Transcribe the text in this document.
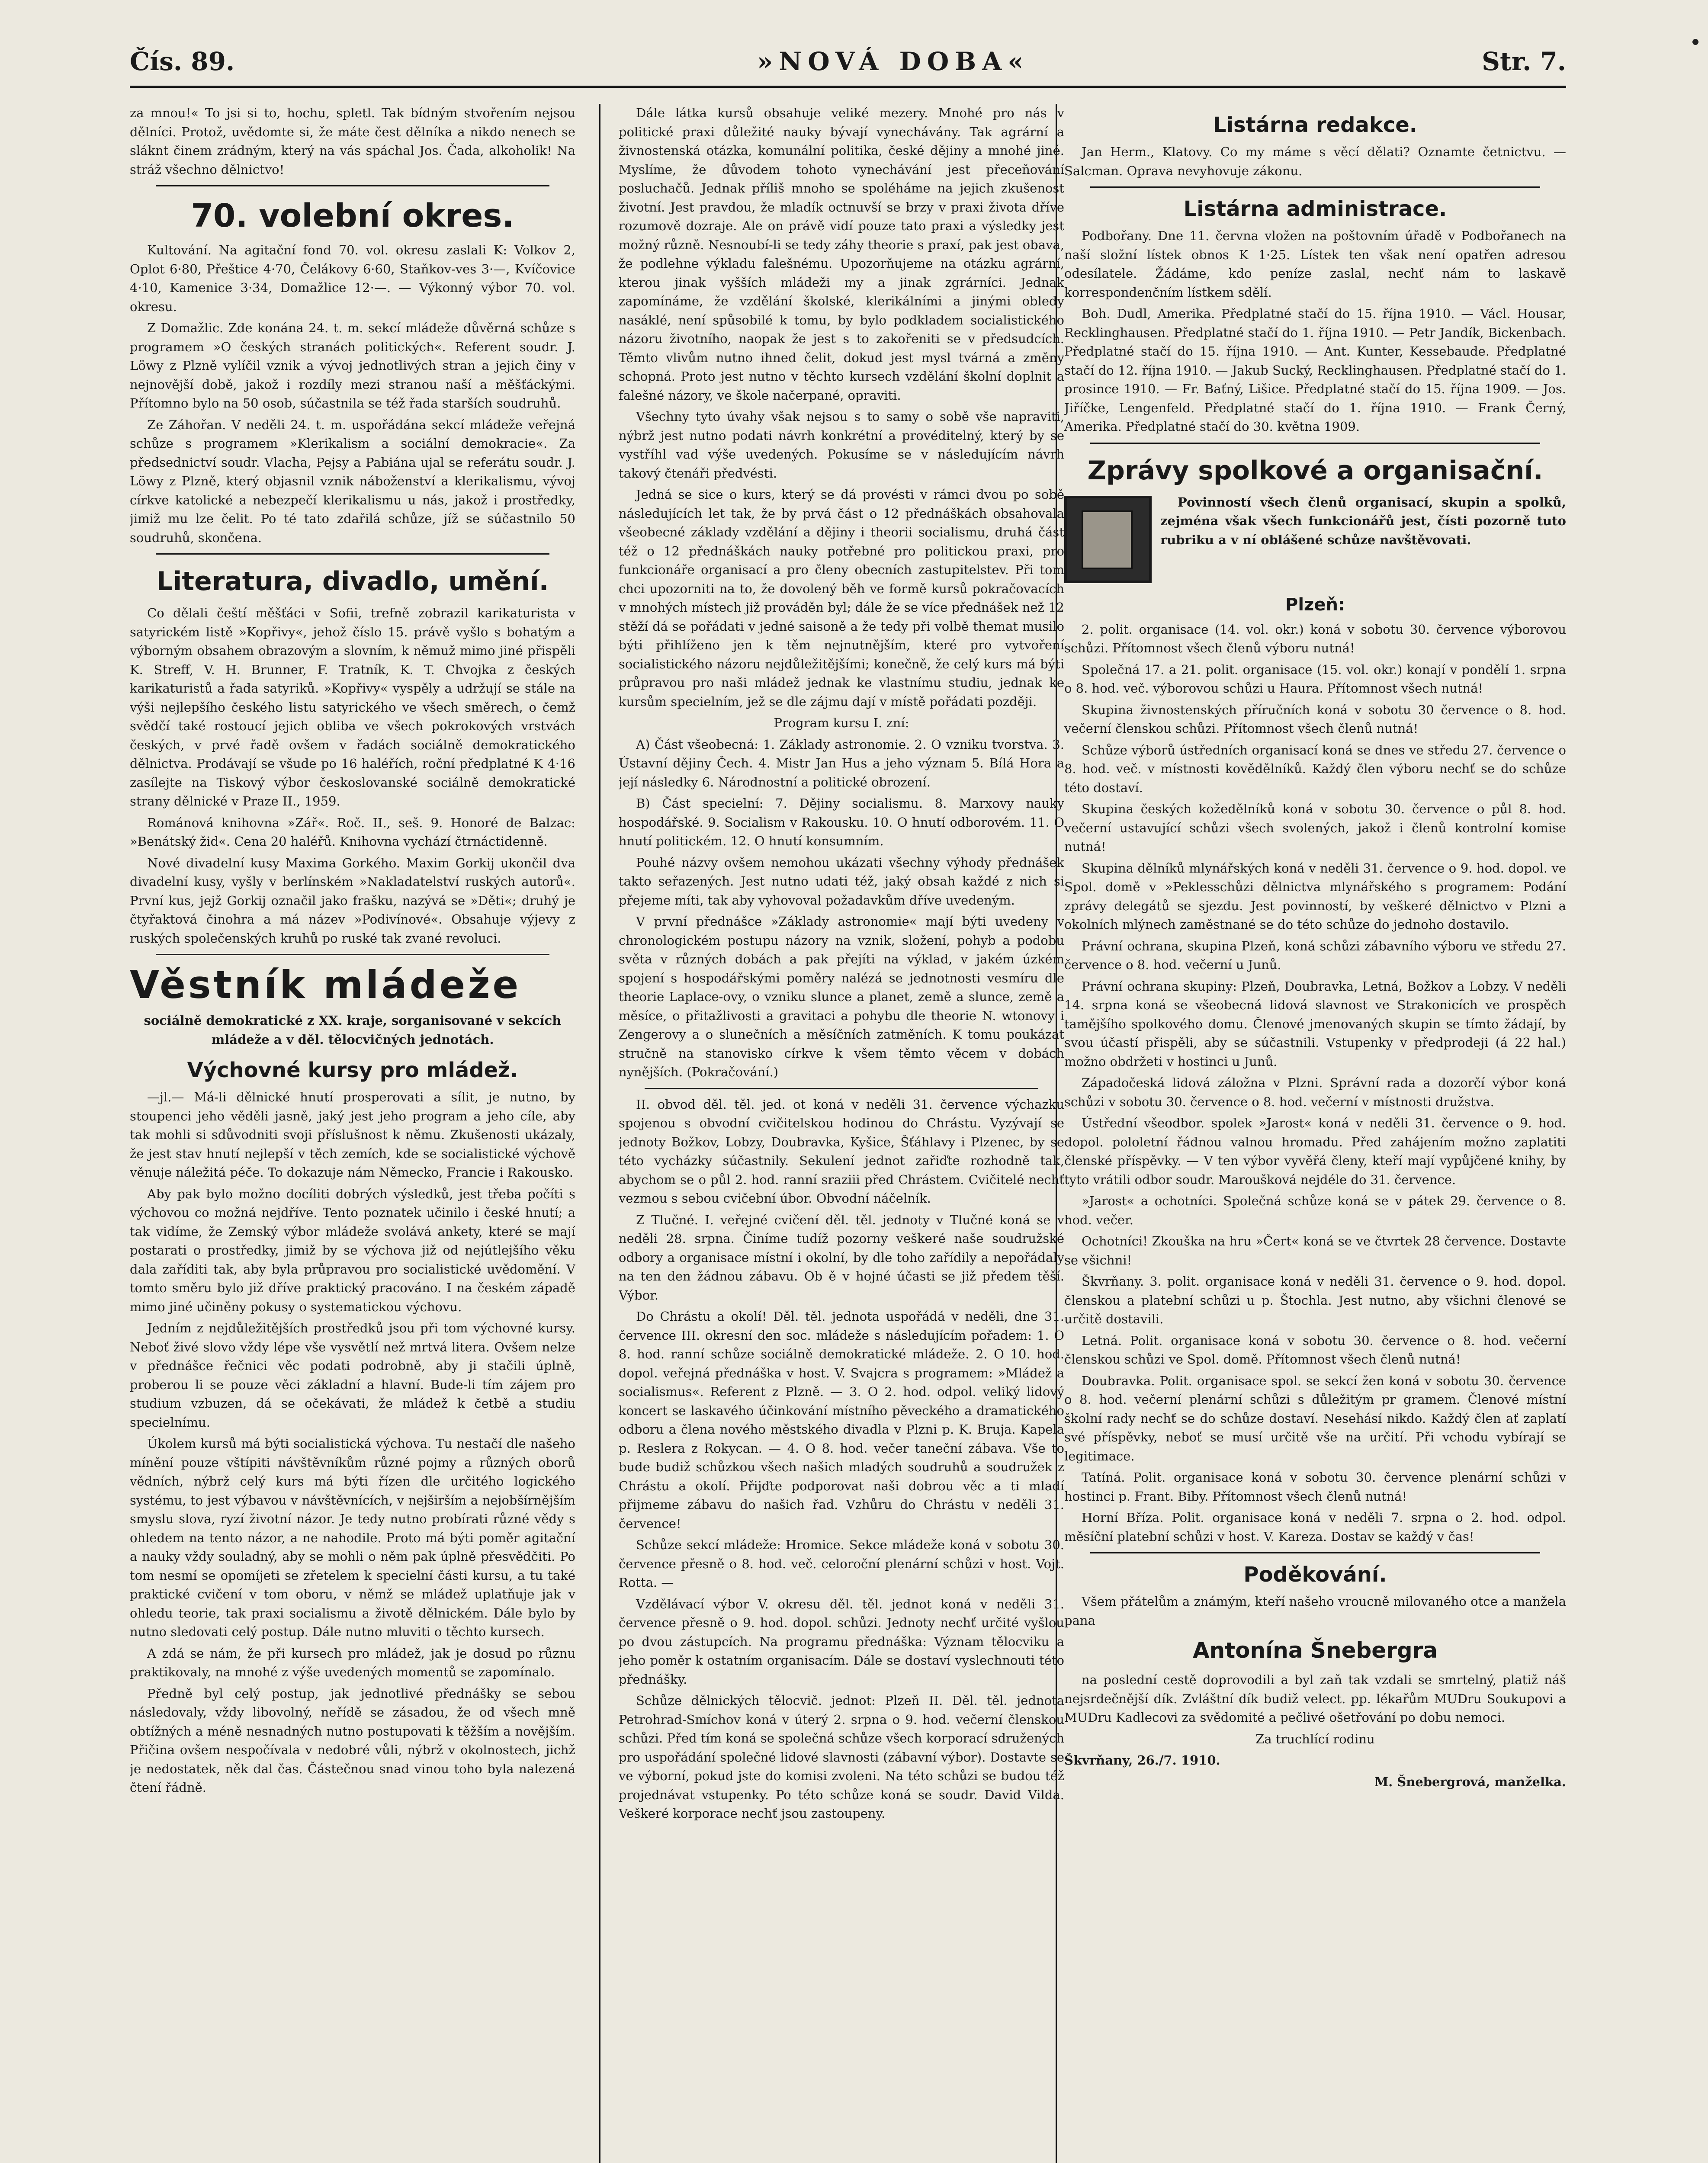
Čís. 89.	»NOVÁ DOBA«	Str. 7.

za mnou!« To jsi si to, hochu, spletl. Tak bídným stvořením nejsou dělníci. Protož, uvědomte si, že máte čest dělníka a nikdo nenech se sláknt činem zrádným, který na vás spáchal Jos. Čada, alkoholik! Na stráž všechno dělnictvo!

70. volební okres.

Kultování. Na agitační fond 70. vol. okresu zaslali K: Volkov 2, Oplot 6·80, Přeštice 4·70, Čelákovy 6·60, Staňkov-ves 3·—, Kvíčovice 4·10, Kamenice 3·34, Domažlice 12·—. — Výkonný výbor 70. vol. okresu.

Z Domažlic. Zde konána 24. t. m. sekcí mládeže důvěrná schůze s programem »O českých stranách politických«. Referent soudr. J. Löwy z Plzně vylíčil vznik a vývoj jednotlivých stran a jejich činy v nejnovější době, jakož i rozdíly mezi stranou naší a měšťáckými. Přítomno bylo na 50 osob, súčastnila se též řada starších soudruhů.

Ze Záhořan. V neděli 24. t. m. uspořádána sekcí mládeže veřejná schůze s programem »Klerikalism a sociální demokracie«. Za předsednictví soudr. Vlacha, Pejsy a Pabiána ujal se referátu soudr. J. Löwy z Plzně, který objasnil vznik náboženství a klerikalismu, vývoj církve katolické a nebezpečí klerikalismu u nás, jakož i prostředky, jimiž mu lze čelit. Po té tato zdařilá schůze, jíž se súčastnilo 50 soudruhů, skončena.

Literatura, divadlo, umění.

Co dělali čeští měšťáci v Sofii, trefně zobrazil karikaturista v satyrickém listě »Kopřivy«, jehož číslo 15. právě vyšlo s bohatým a výborným obsahem obrazovým a slovním, k němuž mimo jiné přispěli K. Streff, V. H. Brunner, F. Tratník, K. T. Chvojka z českých karikaturistů a řada satyriků. »Kopřivy« vyspěly a udržují se stále na výši nejlepšího českého listu satyrického ve všech směrech, o čemž svědčí také rostoucí jejich obliba ve všech pokrokových vrstvách českých, v prvé řadě ovšem v řadách sociálně demokratického dělnictva. Prodávají se všude po 16 haléřích, roční předplatné K 4·16 zasílejte na Tiskový výbor českoslovanské sociálně demokratické strany dělnické v Praze II., 1959.

Románová knihovna »Zář«. Roč. II., seš. 9. Honoré de Balzac: »Benátský žid«. Cena 20 haléřů. Knihovna vychází čtrnáctidenně.

Nové divadelní kusy Maxima Gorkého. Maxim Gorkij ukončil dva divadelní kusy, vyšly v berlínském »Nakladatelství ruských autorů«. První kus, jejž Gorkij označil jako frašku, nazývá se »Děti«; druhý je čtyřaktová činohra a má název »Podivínové«. Obsahuje výjevy z ruských společenských kruhů po ruské tak zvané revoluci.

Věstník mládeže

sociálně demokratické z XX. kraje, sorganisované v sekcích mládeže a v děl. tělocvičných jednotách.

Výchovné kursy pro mládež.

—jl.— Má-li dělnické hnutí prosperovati a sílit, je nutno, by stoupenci jeho věděli jasně, jaký jest jeho program a jeho cíle, aby tak mohli si sdůvodniti svoji příslušnost k němu. Zkušenosti ukázaly, že jest stav hnutí nejlepší v těch zemích, kde se socialistické výchově věnuje náležitá péče. To dokazuje nám Německo, Francie i Rakousko.

Aby pak bylo možno docíliti dobrých výsledků, jest třeba počíti s výchovou co možná nejdříve. Tento poznatek učinilo i české hnutí; a tak vidíme, že Zemský výbor mládeže svolává ankety, které se mají postarati o prostředky, jimiž by se výchova již od nejútlejšího věku dala zaříditi tak, aby byla průpravou pro socialistické uvědomění. V tomto směru bylo již dříve praktický pracováno. I na českém západě mimo jiné učiněny pokusy o systematickou výchovu.

Jedním z nejdůležitějších prostředků jsou při tom výchovné kursy. Neboť živé slovo vždy lépe vše vysvětlí než mrtvá litera. Ovšem nelze v přednášce řečnici věc podati podrobně, aby ji stačili úplně, proberou li se pouze věci základní a hlavní. Bude-li tím zájem pro studium vzbuzen, dá se očekávati, že mládež k četbě a studiu specielnímu.

Úkolem kursů má býti socialistická výchova. Tu nestačí dle našeho mínění pouze vštípiti návštěvníkům různé pojmy a různých oborů vědních, nýbrž celý kurs má býti řízen dle určitého logického systému, to jest výbavou v návštěvnících, v nejširším a nejobšírnějším smyslu slova, ryzí životní názor. Je tedy nutno probírati různé vědy s ohledem na tento názor, a ne nahodile. Proto má býti poměr agitační a nauky vždy souladný, aby se mohli o něm pak úplně přesvědčiti. Po tom nesmí se opomíjeti se zřetelem k specielní části kursu, a tu také praktické cvičení v tom oboru, v němž se mládež uplatňuje jak v ohledu teorie, tak praxi socialismu a životě dělnickém. Dále bylo by nutno sledovati celý postup. Dále nutno mluviti o těchto kursech.

A zdá se nám, že při kursech pro mládež, jak je dosud po různu praktikovaly, na mnohé z výše uvedených momentů se zapomínalo.

Předně byl celý postup, jak jednotlivé přednášky se sebou následovaly, vždy libovolný, neřídě se zásadou, že od všech mně obtížných a méně nesnadných nutno postupovati k těžším a novějším. Přičina ovšem nespočívala v nedobré vůli, nýbrž v okolnostech, jichž je nedostatek, něk dal čas. Částečnou snad vinou toho byla nalezená čtení řádně.

Dále látka kursů obsahuje veliké mezery. Mnohé pro nás v politické praxi důležité nauky bývají vynechávány. Tak agrární a živnostenská otázka, komunální politika, české dějiny a mnohé jiné. Myslíme, že důvodem tohoto vynechávání jest přeceňování posluchačů. Jednak příliš mnoho se spoléháme na jejich zkušenost životní. Jest pravdou, že mladík octnuvší se brzy v praxi života dříve rozumově dozraje. Ale on právě vidí pouze tato praxi a výsledky jest možný různě. Nesnoubí-li se tedy záhy theorie s praxí, pak jest obava, že podlehne výkladu falešnému. Upozorňujeme na otázku agrární, kterou jinak vyšších mládeži my a jinak zgrárníci. Jednak zapomínáme, že vzdělání školské, klerikálními a jinými obledy nasáklé, není spůsobilé k tomu, by bylo podkladem socialistického názoru životního, naopak že jest s to zakořeniti se v předsudcích. Těmto vlivům nutno ihned čelit, dokud jest mysl tvárná a změny schopná. Proto jest nutno v těchto kursech vzdělání školní doplnit a falešné názory, ve škole načerpané, opraviti.

Všechny tyto úvahy však nejsou s to samy o sobě vše napraviti, nýbrž jest nutno podati návrh konkrétní a provéditelný, který by se vystříhl vad výše uvedených. Pokusíme se v následujícím návrh takový čtenáři předvésti.

Jedná se sice o kurs, který se dá provésti v rámci dvou po sobě následujících let tak, že by prvá část o 12 přednáškách obsahovala všeobecné základy vzdělání a dějiny i theorii socialismu, druhá část též o 12 přednáškách nauky potřebné pro politickou praxi, pro funkcionáře organisací a pro členy obecních zastupitelstev. Při tom chci upozorniti na to, že dovolený běh ve formě kursů pokračovacích v mnohých místech již prováděn byl; dále že se více přednášek než 12 stěží dá se pořádati v jedné saisoně a že tedy při volbě themat musilo býti přihlíženo jen k těm nejnutnějším, které pro vytvoření socialistického názoru nejdůležitějšími; konečně, že celý kurs má býti průpravou pro naši mládež jednak ke vlastnímu studiu, jednak ke kursům specielním, jež se dle zájmu dají v místě pořádati později.

Program kursu I. zní:

A) Část všeobecná: 1. Základy astronomie. 2. O vzniku tvorstva. 3. Ústavní dějiny Čech. 4. Mistr Jan Hus a jeho význam 5. Bílá Hora a její následky 6. Národnostní a politické obrození.

B) Část specielní: 7. Dějiny socialismu. 8. Marxovy nauky hospodářské. 9. Socialism v Rakousku. 10. O hnutí odborovém. 11. O hnutí politickém. 12. O hnutí konsumním.

Pouhé názvy ovšem nemohou ukázati všechny výhody přednášek takto seřazených. Jest nutno udati též, jaký obsah každé z nich si přejeme míti, tak aby vyhovoval požadavkům dříve uvedeným.

V první přednášce »Základy astronomie« mají býti uvedeny v chronologickém postupu názory na vznik, složení, pohyb a podobu světa v různých dobách a pak přejíti na výklad, v jakém úzkém spojení s hospodářskými poměry nalézá se jednotnosti vesmíru dle theorie Laplace-ovy, o vzniku slunce a planet, země a slunce, země a měsíce, o přitažlivosti a gravitaci a pohybu dle theorie N. wtonovy i Zengerovy a o slunečních a měsíčních zatměních. K tomu poukázat stručně na stanovisko církve k všem těmto věcem v dobách nynějších. (Pokračování.)

II. obvod děl. těl. jed. ot koná v neděli 31. července výchazku spojenou s obvodní cvičitelskou hodinou do Chrástu. Vyzývají se jednoty Božkov, Lobzy, Doubravka, Kyšice, Šťáhlavy i Plzenec, by se této vycházky súčastnily. Sekulení jednot zařiďte rozhodně tak, abychom se o půl 2. hod. ranní sraziii před Chrástem. Cvičitelé nechť vezmou s sebou cvičební úbor. Obvodní náčelník.

Z Tlučné. I. veřejné cvičení děl. těl. jednoty v Tlučné koná se v neděli 28. srpna. Činíme tudíž pozorny veškeré naše soudružské odbory a organisace místní i okolní, by dle toho zařídily a nepořádaly na ten den žádnou zábavu. Ob ě v hojné účasti se již předem těší. Výbor.

Do Chrástu a okolí! Děl. těl. jednota uspořádá v neděli, dne 31. července III. okresní den soc. mládeže s následujícím pořadem: 1. O 8. hod. ranní schůze sociálně demokratické mládeže. 2. O 10. hod. dopol. veřejná přednáška v host. V. Svajcra s programem: »Mládež a socialismus«. Referent z Plzně. — 3. O 2. hod. odpol. veliký lidový koncert se laskavého účinkování místního pěveckého a dramatického odboru a člena nového městského divadla v Plzni p. K. Bruja. Kapela p. Reslera z Rokycan. — 4. O 8. hod. večer taneční zábava. Vše to bude budiž schůzkou všech našich mladých soudruhů a soudružek z Chrástu a okolí. Přijďte podporovat naši dobrou věc a ti mladí přijmeme zábavu do našich řad. Vzhůru do Chrástu v neděli 31. července!

Schůze sekcí mládeže: Hromice. Sekce mládeže koná v sobotu 30. července přesně o 8. hod. več. celoroční plenární schůzi v host. Vojt. Rotta. —

Vzdělávací výbor V. okresu děl. těl. jednot koná v neděli 31. července přesně o 9. hod. dopol. schůzi. Jednoty nechť určité vyšlou po dvou zástupcích. Na programu přednáška: Význam tělocviku a jeho poměr k ostatním organisacím. Dále se dostaví vyslechnouti této přednášky.

Schůze dělnických tělocvič. jednot: Plzeň II. Děl. těl. jednota Petrohrad-Smíchov koná v úterý 2. srpna o 9. hod. večerní členskou schůzi. Před tím koná se společná schůze všech korporací sdružených pro uspořádání společné lidové slavnosti (zábavní výbor). Dostavte se ve výborní, pokud jste do komisi zvoleni. Na této schůzi se budou též projednávat vstupenky. Po této schůze koná se soudr. David Vilda. Veškeré korporace nechť jsou zastoupeny.

Listárna redakce.

Jan Herm., Klatovy. Co my máme s věcí dělati? Oznamte četnictvu. — Salcman. Oprava nevyhovuje zákonu.

Listárna administrace.

Podbořany. Dne 11. června vložen na poštovním úřadě v Podbořanech na naší složní lístek obnos K 1·25. Lístek ten však není opatřen adresou odesílatele. Žádáme, kdo peníze zaslal, nechť nám to laskavě korrespondenčním lístkem sdělí.

Boh. Dudl, Amerika. Předplatné stačí do 15. října 1910. — Václ. Housar, Recklinghausen. Předplatné stačí do 1. října 1910. — Petr Jandík, Bickenbach. Předplatné stačí do 15. října 1910. — Ant. Kunter, Kessebaude. Předplatné stačí do 12. října 1910. — Jakub Sucký, Recklinghausen. Předplatné stačí do 1. prosince 1910. — Fr. Baťný, Lišice. Předplatné stačí do 15. října 1909. — Jos. Jiříčke, Lengenfeld. Předplatné stačí do 1. října 1910. — Frank Černý, Amerika. Předplatné stačí do 30. května 1909.

Zprávy spolkové a organisační.

Povinností všech členů organisací, skupin a spolků, zejména však všech funkcionářů jest, čísti pozorně tuto rubriku a v ní oblášené schůze navštěvovati.

Plzeň:

2. polit. organisace (14. vol. okr.) koná v sobotu 30. července výborovou schůzi. Přítomnost všech členů výboru nutná!

Společná 17. a 21. polit. organisace (15. vol. okr.) konají v pondělí 1. srpna o 8. hod. več. výborovou schůzi u Haura. Přítomnost všech nutná!

Skupina živnostenských příručních koná v sobotu 30 července o 8. hod. večerní členskou schůzi. Přítomnost všech členů nutná!

Schůze výborů ústředních organisací koná se dnes ve středu 27. července o 8. hod. več. v místnosti kovědělníků. Každý člen výboru nechť se do schůze této dostaví.

Skupina českých kožedělníků koná v sobotu 30. července o půl 8. hod. večerní ustavující schůzi všech svolených, jakož i členů kontrolní komise nutná!

Skupina dělníků mlynářských koná v neděli 31. července o 9. hod. dopol. ve Spol. domě v »Peklesschůzi dělnictva mlynářského s programem: Podání zprávy delegátů se sjezdu. Jest povinností, by veškeré dělnictvo v Plzni a okolních mlýnech zaměstnané se do této schůze do jednoho dostavilo.

Právní ochrana, skupina Plzeň, koná schůzi zábavního výboru ve středu 27. července o 8. hod. večerní u Junů.

Právní ochrana skupiny: Plzeň, Doubravka, Letná, Božkov a Lobzy. V neděli 14. srpna koná se všeobecná lidová slavnost ve Strakonicích ve prospěch tamějšího spolkového domu. Členové jmenovaných skupin se tímto žádají, by svou účastí přispěli, aby se súčastnili. Vstupenky v předprodeji (á 22 hal.) možno obdržeti v hostinci u Junů.

Západočeská lidová záložna v Plzni. Správní rada a dozorčí výbor koná schůzi v sobotu 30. července o 8. hod. večerní v místnosti družstva.

Ústřední všeodbor. spolek »Jarost« koná v neděli 31. července o 9. hod. dopol. pololetní řádnou valnou hromadu. Před zahájením možno zaplatiti členské příspěvky. — V ten výbor vyvěřá členy, kteří mají vypůjčené knihy, by tyto vrátili odbor soudr. Maroušková nejdéle do 31. července.

»Jarost« a ochotníci. Společná schůze koná se v pátek 29. července o 8. hod. večer.

Ochotníci! Zkouška na hru »Čert« koná se ve čtvrtek 28 července. Dostavte se všichni!

Škvrňany. 3. polit. organisace koná v neděli 31. července o 9. hod. dopol. členskou a platební schůzi u p. Štochla. Jest nutno, aby všichni členové se určitě dostavili.

Letná. Polit. organisace koná v sobotu 30. července o 8. hod. večerní členskou schůzi ve Spol. domě. Přítomnost všech členů nutná!

Doubravka. Polit. organisace spol. se sekcí žen koná v sobotu 30. července o 8. hod. večerní plenární schůzi s důležitým pr gramem. Členové místní školní rady nechť se do schůze dostaví. Nesehásí nikdo. Každý člen ať zaplatí své příspěvky, neboť se musí určitě vše na určití. Při vchodu vybírají se legitimace.

Tatíná. Polit. organisace koná v sobotu 30. července plenární schůzi v hostinci p. Frant. Biby. Přítomnost všech členů nutná!

Horní Bříza. Polit. organisace koná v neděli 7. srpna o 2. hod. odpol. měsíční platební schůzi v host. V. Kareza. Dostav se každý v čas!

Poděkování.

Všem přátelům a známým, kteří našeho vroucně milovaného otce a manžela pana

Antonína Šnebergra

na poslední cestě doprovodili a byl zaň tak vzdali se smrtelný, platiž náš nejsrdečnější dík. Zvláštní dík budiž velect. pp. lékařům MUDru Soukupovi a MUDru Kadlecovi za svědomité a pečlivé ošetřování po dobu nemoci.

Za truchlící rodinu

Škvrňany, 26./7. 1910.

M. Šnebergrová, manželka.
